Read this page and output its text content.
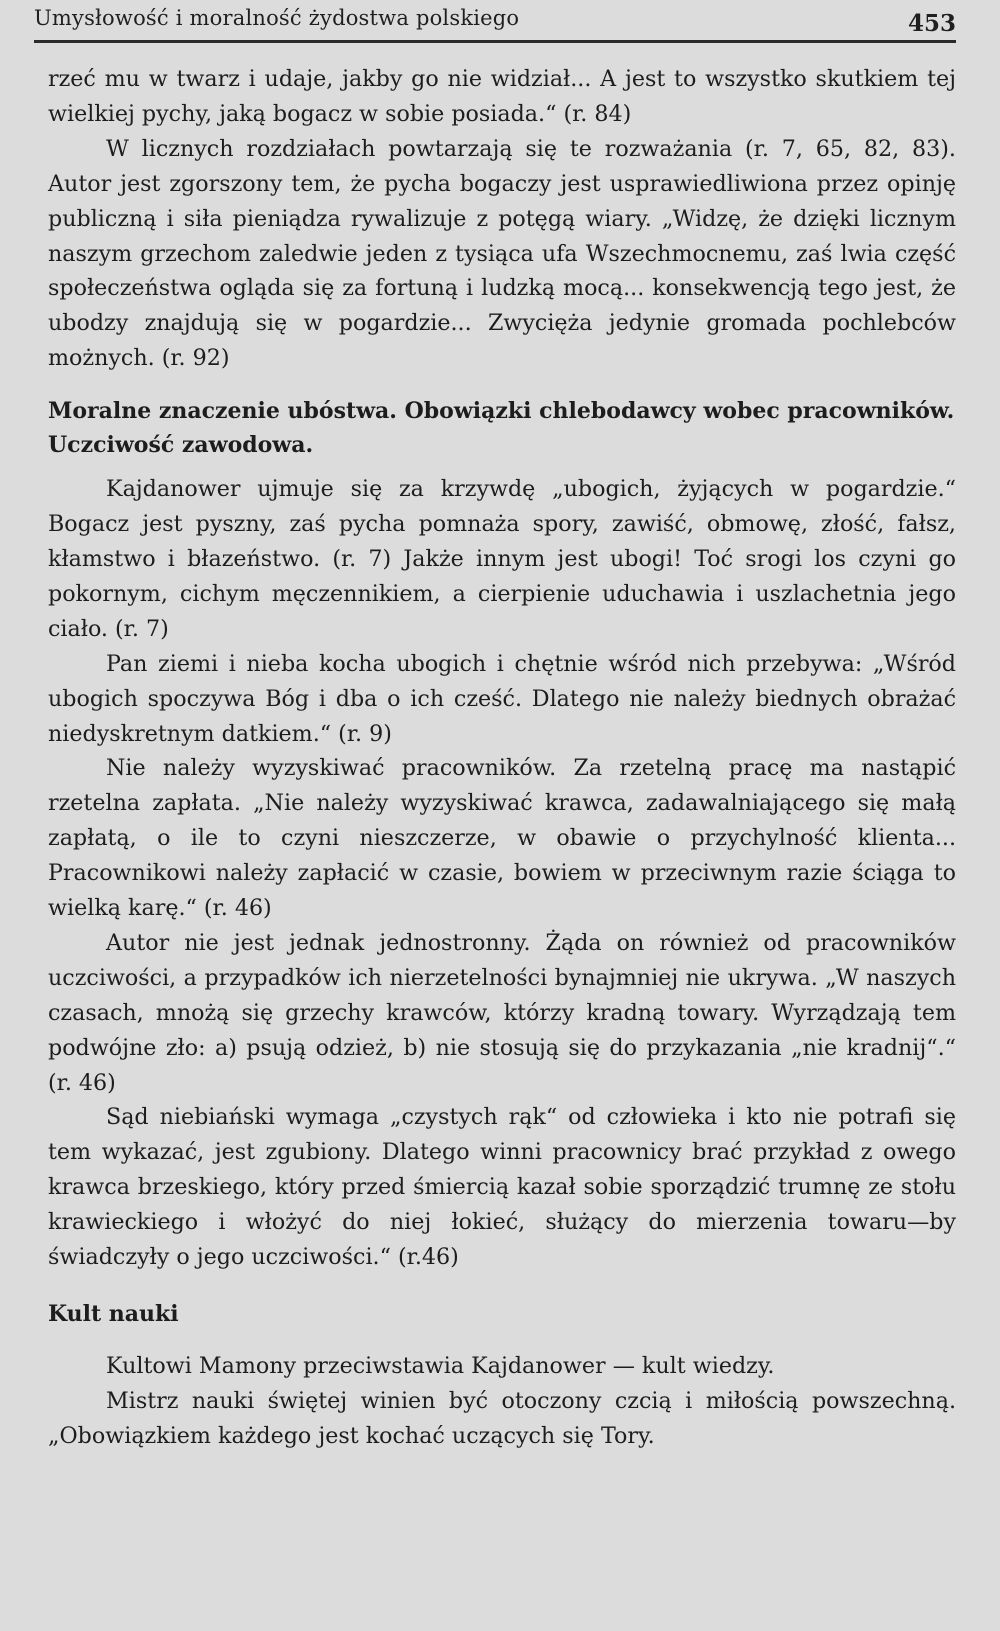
Umysłowość i moralność żydostwa polskiego	453

rzeć mu w twarz i udaje, jakby go nie widział... A jest to wszystko skutkiem tej wielkiej pychy, jaką bogacz w sobie posiada.“ (r. 84)

W licznych rozdziałach powtarzają się te rozważania (r. 7, 65, 82, 83). Autor jest zgorszony tem, że pycha bogaczy jest usprawiedliwiona przez opinję publiczną i siła pieniądza rywalizuje z potęgą wiary. „Widzę, że dzięki licznym naszym grzechom zaledwie jeden z tysiąca ufa Wszechmocnemu, zaś lwia część społeczeństwa ogląda się za fortuną i ludzką mocą... konsekwencją tego jest, że ubodzy znajdują się w pogardzie... Zwycięża jedynie gromada pochlebców możnych. (r. 92)

Moralne znaczenie ubóstwa. Obowiązki chlebodawcy wobec pracowników. Uczciwość zawodowa.

Kajdanower ujmuje się za krzywdę „ubogich, żyjących w pogardzie.“ Bogacz jest pyszny, zaś pycha pomnaża spory, zawiść, obmowę, złość, fałsz, kłamstwo i błazeństwo. (r. 7) Jakże innym jest ubogi! Toć srogi los czyni go pokornym, cichym męczennikiem, a cierpienie uduchawia i uszlachetnia jego ciało. (r. 7)

Pan ziemi i nieba kocha ubogich i chętnie wśród nich przebywa: „Wśród ubogich spoczywa Bóg i dba o ich cześć. Dlatego nie należy biednych obrażać niedyskretnym datkiem.“ (r. 9)

Nie należy wyzyskiwać pracowników. Za rzetelną pracę ma nastąpić rzetelna zapłata. „Nie należy wyzyskiwać krawca, zadawalniającego się małą zapłatą, o ile to czyni nieszczerze, w obawie o przychylność klienta... Pracownikowi należy zapłacić w czasie, bowiem w przeciwnym razie ściąga to wielką karę.“ (r. 46)

Autor nie jest jednak jednostronny. Żąda on również od pracowników uczciwości, a przypadków ich nierzetelności bynajmniej nie ukrywa. „W naszych czasach, mnożą się grzechy krawców, którzy kradną towary. Wyrządzają tem podwójne zło: a) psują odzież, b) nie stosują się do przykazania „nie kradnij“.“ (r. 46)

Sąd niebiański wymaga „czystych rąk“ od człowieka i kto nie potrafi się tem wykazać, jest zgubiony. Dlatego winni pracownicy brać przykład z owego krawca brzeskiego, który przed śmiercią kazał sobie sporządzić trumnę ze stołu krawieckiego i włożyć do niej łokieć, służący do mierzenia towaru—by świadczyły o jego uczciwości.“ (r.46)

Kult nauki

Kultowi Mamony przeciwstawia Kajdanower — kult wiedzy.

Mistrz nauki świętej winien być otoczony czcią i miłością powszechną. „Obowiązkiem każdego jest kochać uczących się Tory.
